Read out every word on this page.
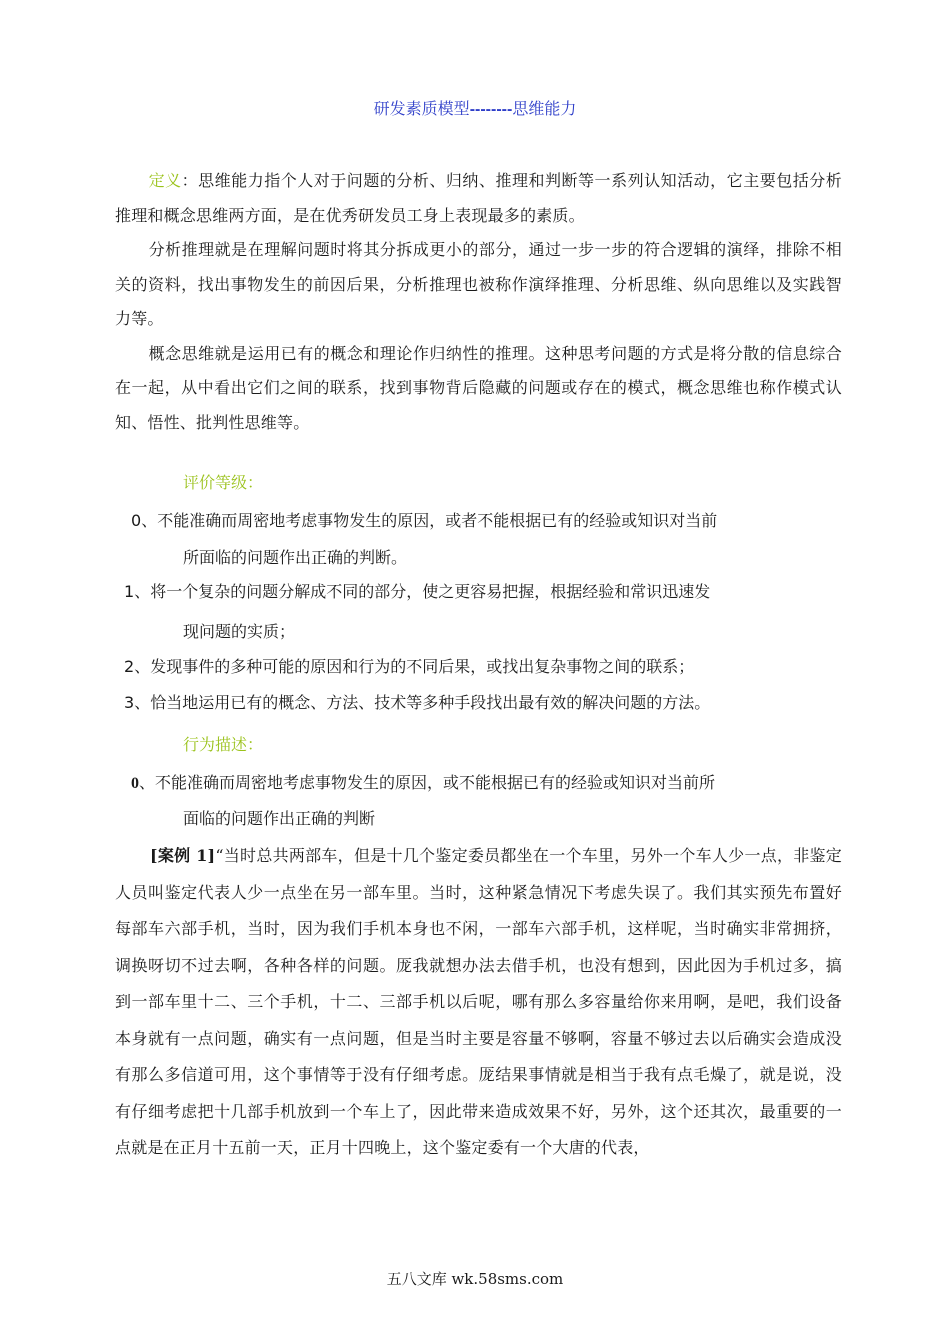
研发素质模型--------思维能力

定义：思维能力指个人对于问题的分析、归纳、推理和判断等一系列认知活动，它主要包括分析推理和概念思维两方面，是在优秀研发员工身上表现最多的素质。

分析推理就是在理解问题时将其分拆成更小的部分，通过一步一步的符合逻辑的演绎，排除不相关的资料，找出事物发生的前因后果，分析推理也被称作演绎推理、分析思维、纵向思维以及实践智力等。

概念思维就是运用已有的概念和理论作归纳性的推理。这种思考问题的方式是将分散的信息综合在一起，从中看出它们之间的联系，找到事物背后隐藏的问题或存在的模式，概念思维也称作模式认知、悟性、批判性思维等。

评价等级：
0、不能准确而周密地考虑事物发生的原因，或者不能根据已有的经验或知识对当前
所面临的问题作出正确的判断。
1、将一个复杂的问题分解成不同的部分，使之更容易把握，根据经验和常识迅速发
现问题的实质；
2、发现事件的多种可能的原因和行为的不同后果，或找出复杂事物之间的联系；
3、恰当地运用已有的概念、方法、技术等多种手段找出最有效的解决问题的方法。
行为描述：
0、不能准确而周密地考虑事物发生的原因，或不能根据已有的经验或知识对当前所
面临的问题作出正确的判断
[案例 1]“当时总共两部车，但是十几个鉴定委员都坐在一个车里，另外一个车人少一点，非鉴定人员叫鉴定代表人少一点坐在另一部车里。当时，这种紧急情况下考虑失误了。我们其实预先布置好每部车六部手机，当时，因为我们手机本身也不闲，一部车六部手机，这样呢，当时确实非常拥挤，调换呀切不过去啊，各种各样的问题。厐我就想办法去借手机，也没有想到，因此因为手机过多，搞到一部车里十二、三个手机，十二、三部手机以后呢，哪有那么多容量给你来用啊，是吧，我们设备本身就有一点问题，确实有一点问题，但是当时主要是容量不够啊，容量不够过去以后确实会造成没有那么多信道可用，这个事情等于没有仔细考虑。厐结果事情就是相当于我有点毛燥了，就是说，没有仔细考虑把十几部手机放到一个车上了，因此带来造成效果不好，另外，这个还其次，最重要的一点就是在正月十五前一天，正月十四晚上，这个鉴定委有一个大唐的代表，
五八文库 wk.58sms.com
